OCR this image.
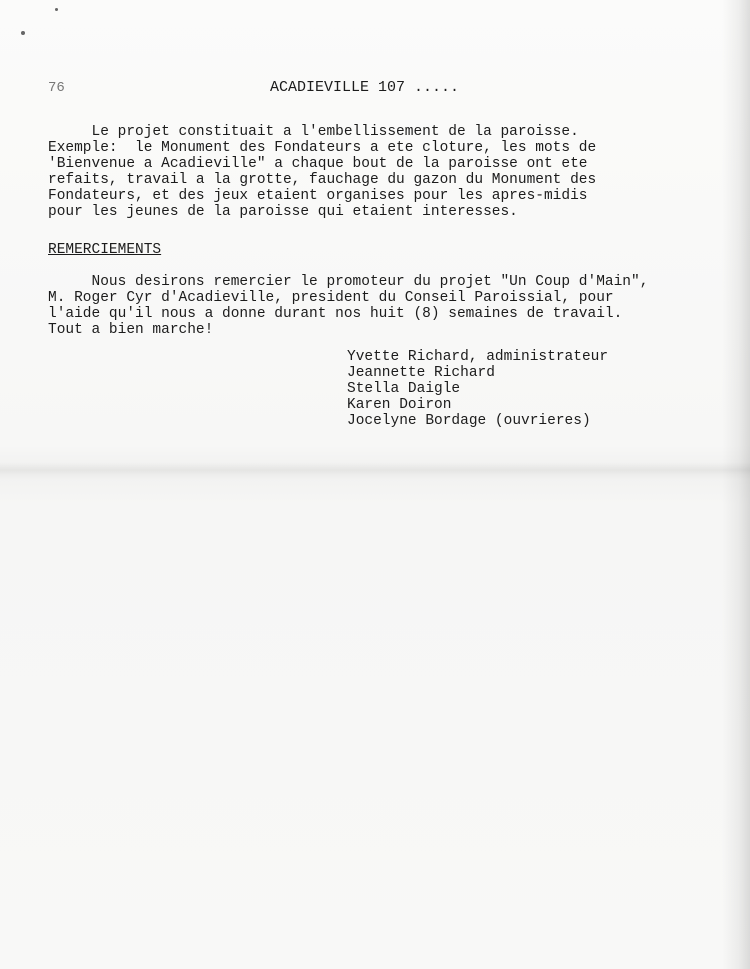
76	ACADIEVILLE 107 .....
Le projet constituait a l'embellissement de la paroisse.
Exemple:  le Monument des Fondateurs a ete cloture, les mots de
'Bienvenue a Acadieville" a chaque bout de la paroisse ont ete
refaits, travail a la grotte, fauchage du gazon du Monument des
Fondateurs, et des jeux etaient organises pour les apres-midis
pour les jeunes de la paroisse qui etaient interesses.
REMERCIEMENTS
Nous desirons remercier le promoteur du projet "Un Coup d'Main",
M. Roger Cyr d'Acadieville, president du Conseil Paroissial, pour
l'aide qu'il nous a donne durant nos huit (8) semaines de travail.
Tout a bien marche!
Yvette Richard, administrateur
Jeannette Richard
Stella Daigle
Karen Doiron
Jocelyne Bordage (ouvrieres)
